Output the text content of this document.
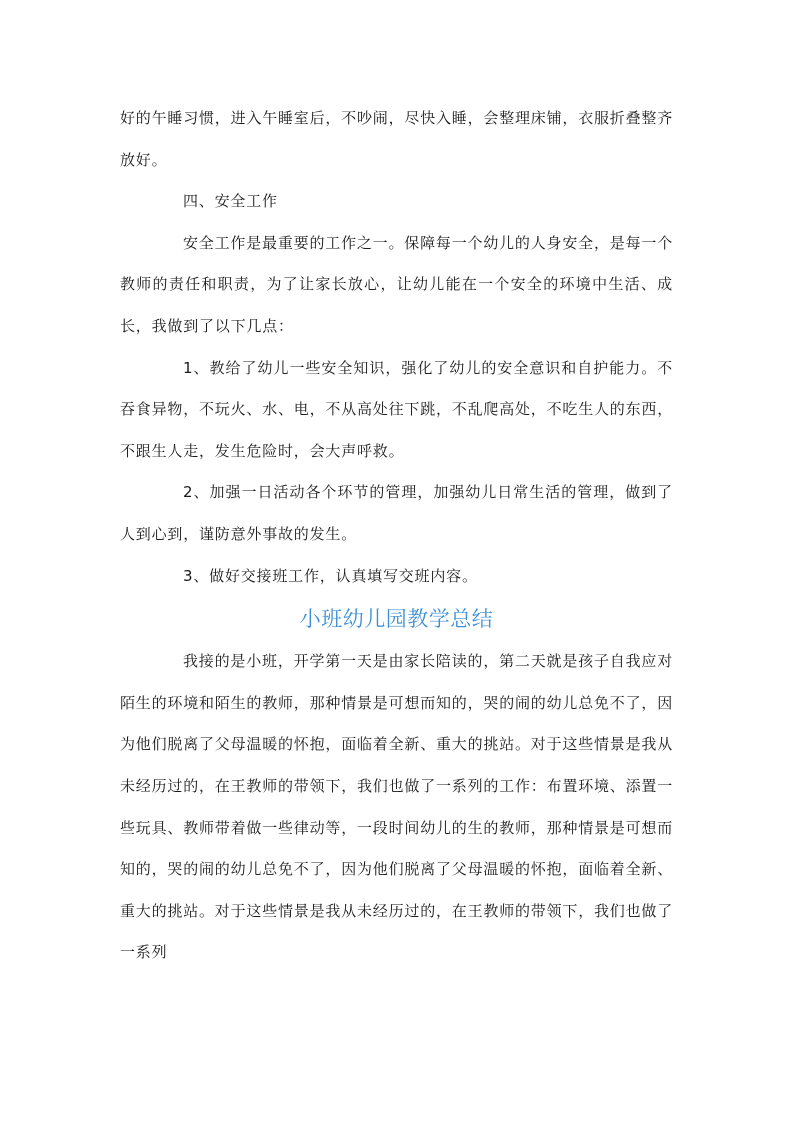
好的午睡习惯，进入午睡室后，不吵闹，尽快入睡，会整理床铺，衣服折叠整齐放好。

四、安全工作

安全工作是最重要的工作之一。保障每一个幼儿的人身安全，是每一个教师的责任和职责，为了让家长放心，让幼儿能在一个安全的环境中生活、成长，我做到了以下几点：

1、教给了幼儿一些安全知识，强化了幼儿的安全意识和自护能力。不吞食异物，不玩火、水、电，不从高处往下跳，不乱爬高处，不吃生人的东西，不跟生人走，发生危险时，会大声呼救。

2、加强一日活动各个环节的管理，加强幼儿日常生活的管理，做到了人到心到，谨防意外事故的发生。

3、做好交接班工作，认真填写交班内容。

小班幼儿园教学总结

我接的是小班，开学第一天是由家长陪读的，第二天就是孩子自我应对陌生的环境和陌生的教师，那种情景是可想而知的，哭的闹的幼儿总免不了，因为他们脱离了父母温暖的怀抱，面临着全新、重大的挑站。对于这些情景是我从未经历过的，在王教师的带领下，我们也做了一系列的工作：布置环境、添置一些玩具、教师带着做一些律动等，一段时间幼儿的生的教师，那种情景是可想而知的，哭的闹的幼儿总免不了，因为他们脱离了父母温暖的怀抱，面临着全新、重大的挑站。对于这些情景是我从未经历过的，在王教师的带领下，我们也做了一系列
